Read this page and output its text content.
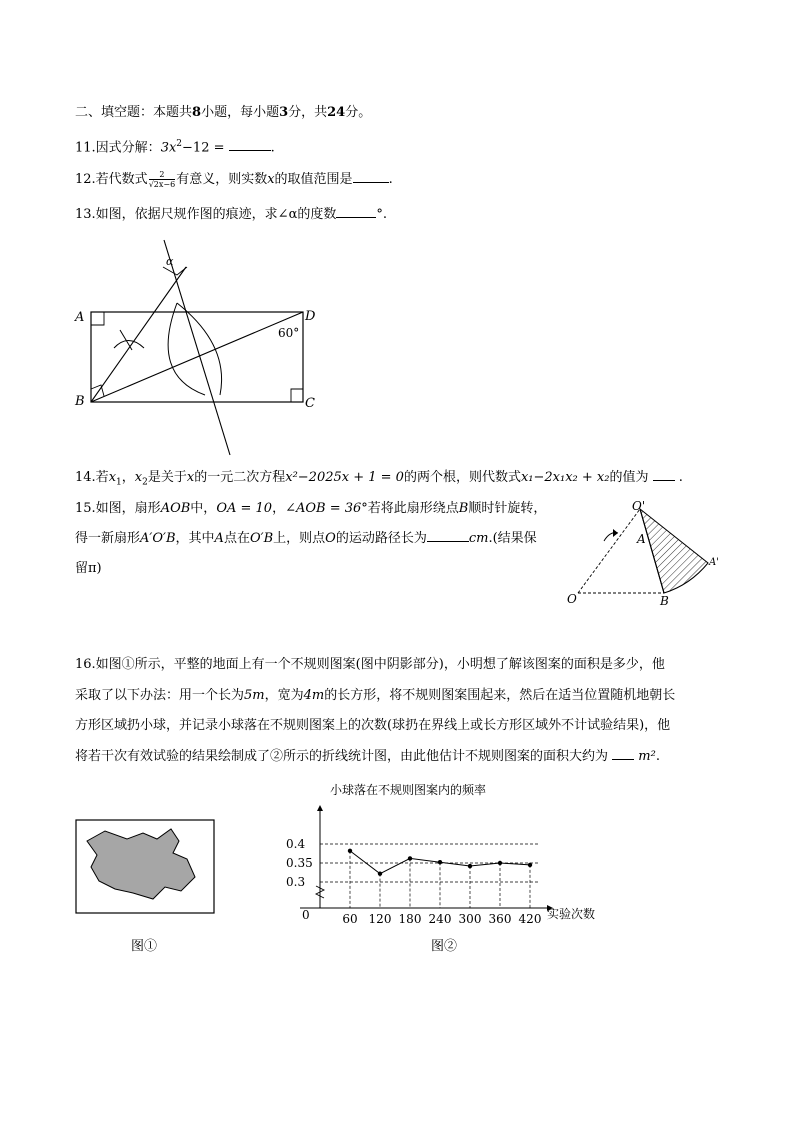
二、填空题：本题共8小题，每小题3分，共24分。
11.因式分解：$3x^2-12$ =	.
12.若代数式 $\frac{2}{√2x-6}$ 有意义，则实数x的取值范围是	.
13.如图，依据尺规作图的痕迹，求∠α的度数	°.
α
A
B	C
D
60°
14.若$x_1$，$x_2$是关于x的一元二次方程x²−2025x + 1 = 0的两个根，则代数式x₁−2x₁x₂ + x₂的值为 .
15.如图，扇形AOB中，OA = 10，∠AOB = 36°若将此扇形绕点B顺时针旋转，
得一新扇形A′O′B，其中A点在O′B上，则点O的运动路径长为	cm.(结果保
留π)
O'
A
A'
O	B
16.如图①所示，平整的地面上有一个不规则图案(图中阴影部分)，小明想了解该图案的面积是多少，他
采取了以下办法：用一个长为5m，宽为4m的长方形，将不规则图案围起来，然后在适当位置随机地朝长
方形区域扔小球，并记录小球落在不规则图案上的次数(球扔在界线上或长方形区域外不计试验结果)，他
将若干次有效试验的结果绘制成了②所示的折线统计图，由此他估计不规则图案的面积大约为 m².
图①
小球落在不规则图案内的频率
0.4
0.35
0.3
60 120 180 240 300 360 420
0	实验次数
图②
